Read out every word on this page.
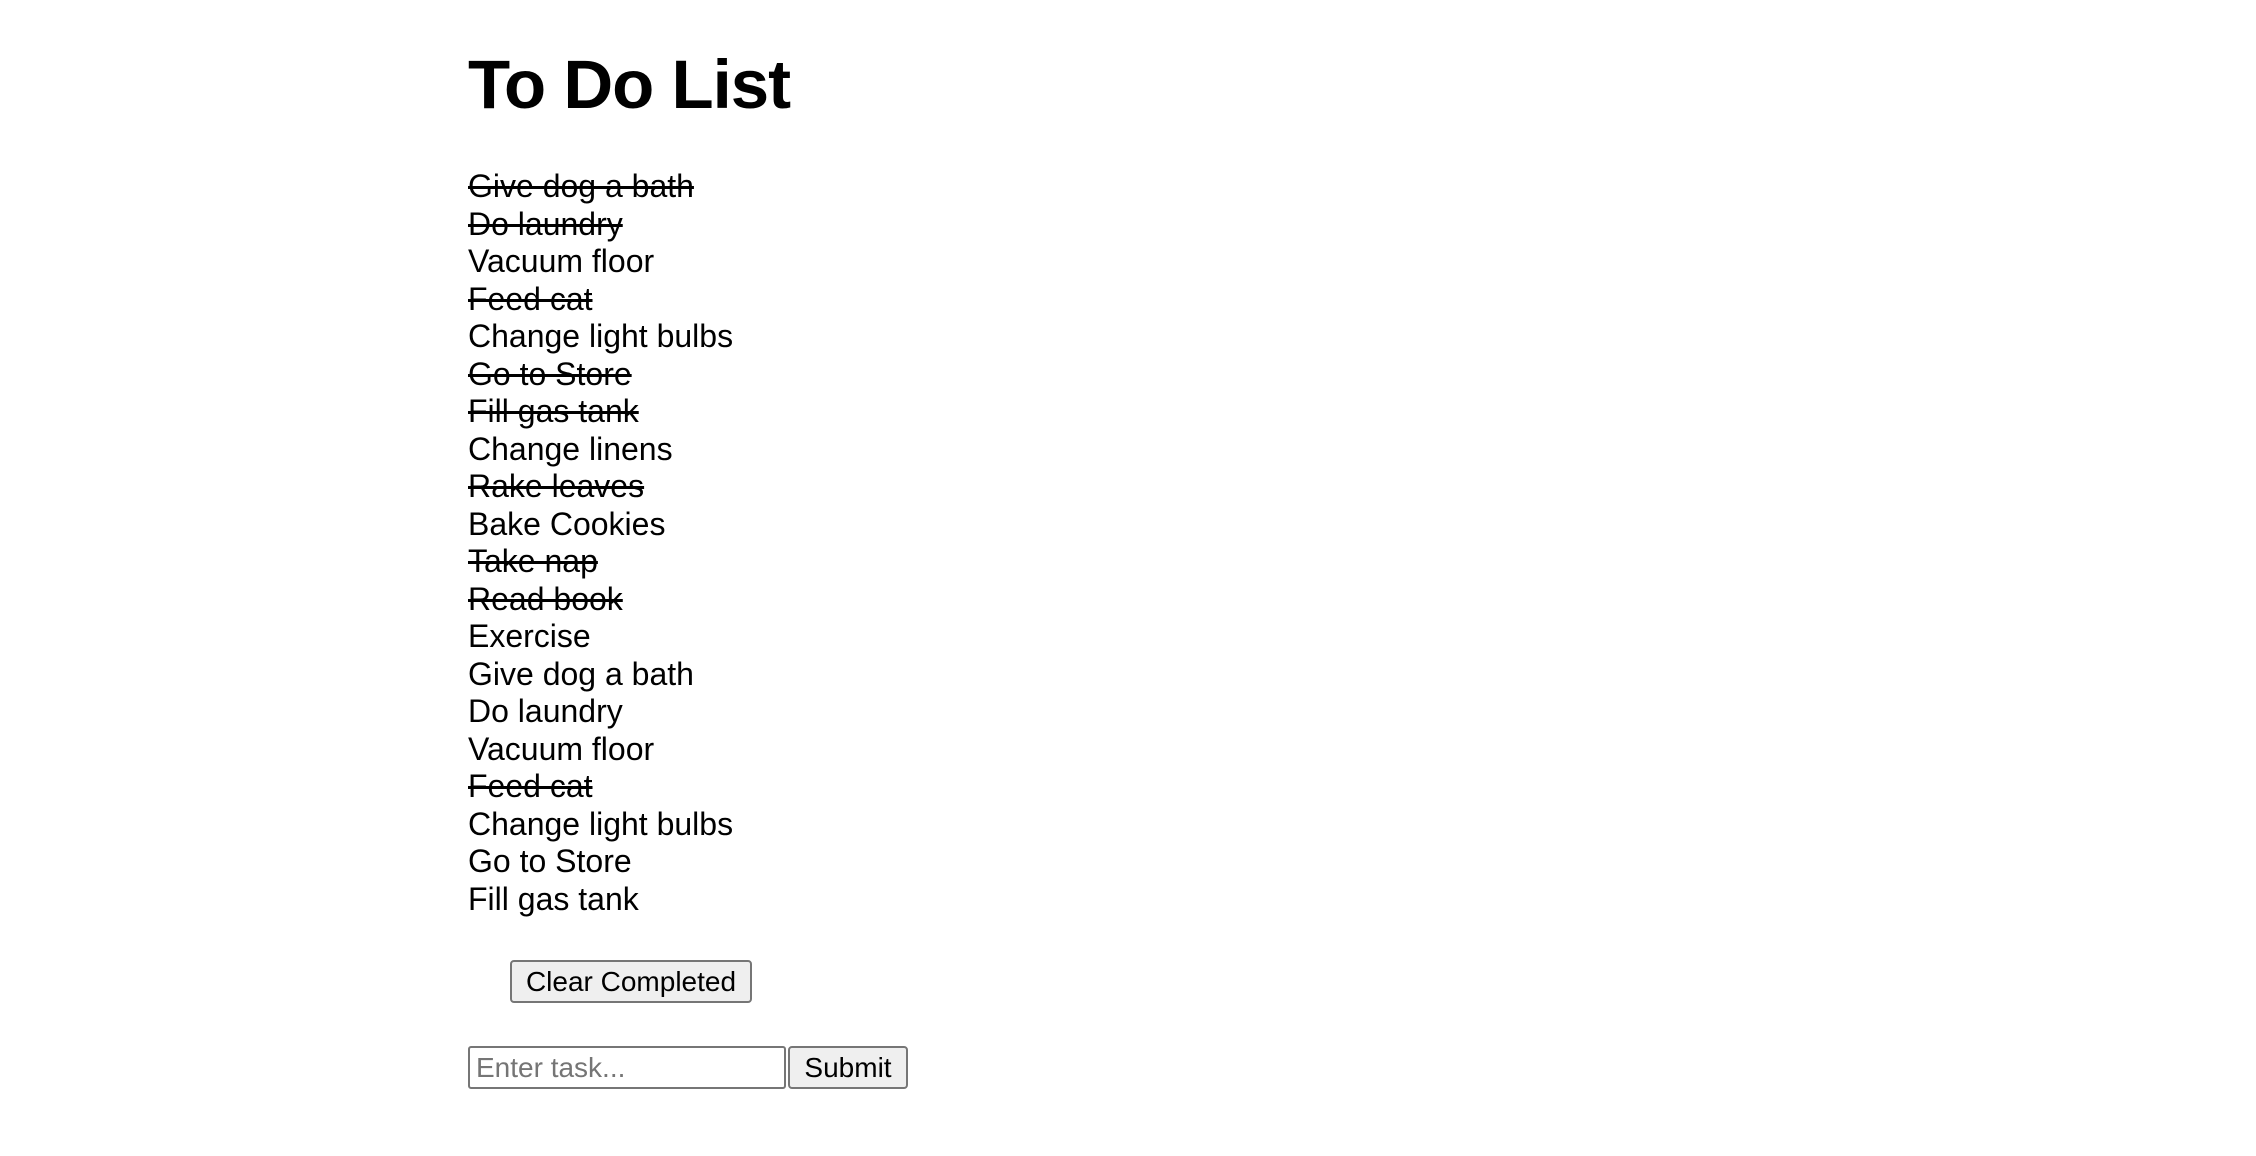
To Do List
Give dog a bath
Do laundry
Vacuum floor
Feed cat
Change light bulbs
Go to Store
Fill gas tank
Change linens
Rake leaves
Bake Cookies
Take nap
Read book
Exercise
Give dog a bath
Do laundry
Vacuum floor
Feed cat
Change light bulbs
Go to Store
Fill gas tank
Clear Completed
Enter task...
Submit
